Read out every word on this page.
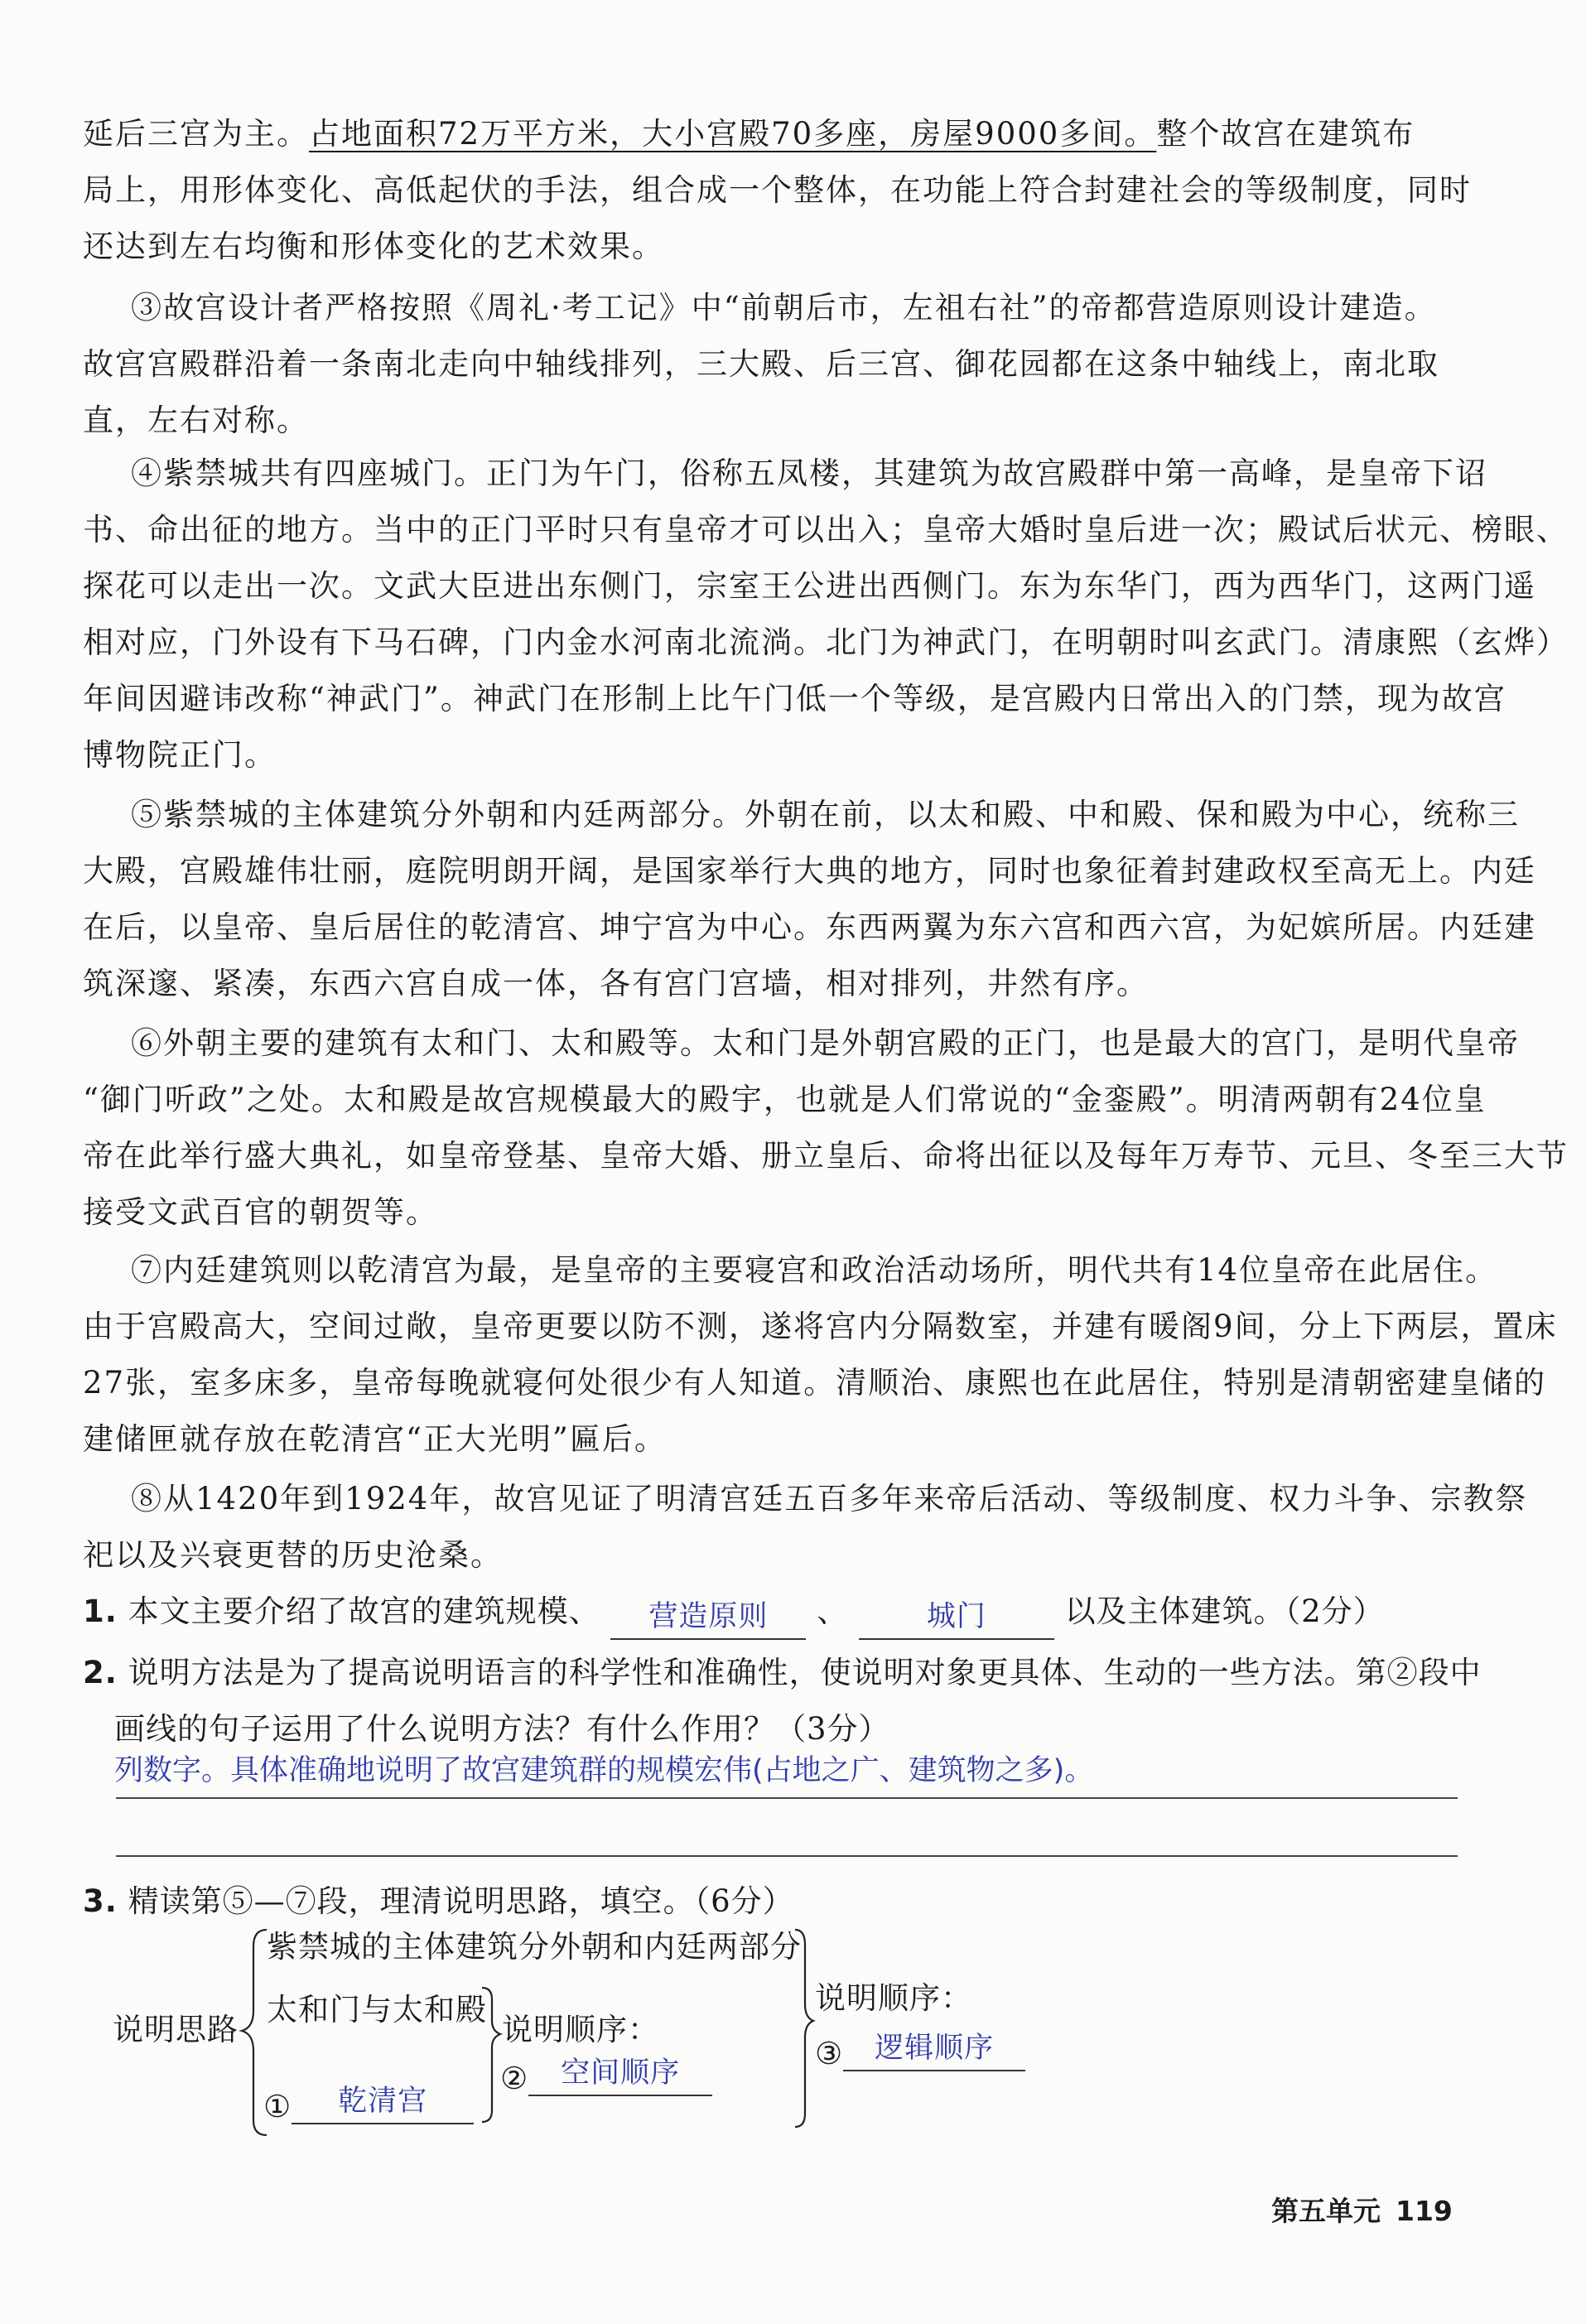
延后三宫为主。占地面积72万平方米，大小宫殿70多座，房屋9000多间。整个故宫在建筑布
局上，用形体变化、高低起伏的手法，组合成一个整体，在功能上符合封建社会的等级制度，同时
还达到左右均衡和形体变化的艺术效果。
③故宫设计者严格按照《周礼·考工记》中“前朝后市，左祖右社”的帝都营造原则设计建造。
故宫宫殿群沿着一条南北走向中轴线排列，三大殿、后三宫、御花园都在这条中轴线上，南北取
直，左右对称。
④紫禁城共有四座城门。正门为午门，俗称五凤楼，其建筑为故宫殿群中第一高峰，是皇帝下诏
书、命出征的地方。当中的正门平时只有皇帝才可以出入；皇帝大婚时皇后进一次；殿试后状元、榜眼、
探花可以走出一次。文武大臣进出东侧门，宗室王公进出西侧门。东为东华门，西为西华门，这两门遥
相对应，门外设有下马石碑，门内金水河南北流淌。北门为神武门，在明朝时叫玄武门。清康熙（玄烨）
年间因避讳改称“神武门”。神武门在形制上比午门低一个等级，是宫殿内日常出入的门禁，现为故宫
博物院正门。
⑤紫禁城的主体建筑分外朝和内廷两部分。外朝在前，以太和殿、中和殿、保和殿为中心，统称三
大殿，宫殿雄伟壮丽，庭院明朗开阔，是国家举行大典的地方，同时也象征着封建政权至高无上。内廷
在后，以皇帝、皇后居住的乾清宫、坤宁宫为中心。东西两翼为东六宫和西六宫，为妃嫔所居。内廷建
筑深邃、紧凑，东西六宫自成一体，各有宫门宫墙，相对排列，井然有序。
⑥外朝主要的建筑有太和门、太和殿等。太和门是外朝宫殿的正门，也是最大的宫门，是明代皇帝
“御门听政”之处。太和殿是故宫规模最大的殿宇，也就是人们常说的“金銮殿”。明清两朝有24位皇
帝在此举行盛大典礼，如皇帝登基、皇帝大婚、册立皇后、命将出征以及每年万寿节、元旦、冬至三大节
接受文武百官的朝贺等。
⑦内廷建筑则以乾清宫为最，是皇帝的主要寝宫和政治活动场所，明代共有14位皇帝在此居住。
由于宫殿高大，空间过敞，皇帝更要以防不测，遂将宫内分隔数室，并建有暖阁9间，分上下两层，置床
27张，室多床多，皇帝每晚就寝何处很少有人知道。清顺治、康熙也在此居住，特别是清朝密建皇储的
建储匣就存放在乾清宫“正大光明”匾后。
⑧从1420年到1924年，故宫见证了明清宫廷五百多年来帝后活动、等级制度、权力斗争、宗教祭
祀以及兴衰更替的历史沧桑。
1. 本文主要介绍了故宫的建筑规模、 营造原则 、	城门	以及主体建筑。（2分）
2. 说明方法是为了提高说明语言的科学性和准确性，使说明对象更具体、生动的一些方法。第②段中
画线的句子运用了什么说明方法？有什么作用？（3分）
列数字。具体准确地说明了故宫建筑群的规模宏伟(占地之广、建筑物之多)。
3. 精读第⑤—⑦段，理清说明思路，填空。（6分）
说明思路
紫禁城的主体建筑分外朝和内廷两部分
太和门与太和殿
① 乾清宫
说明顺序：
② 空间顺序
说明顺序：
③ 逻辑顺序
第五单元 119
